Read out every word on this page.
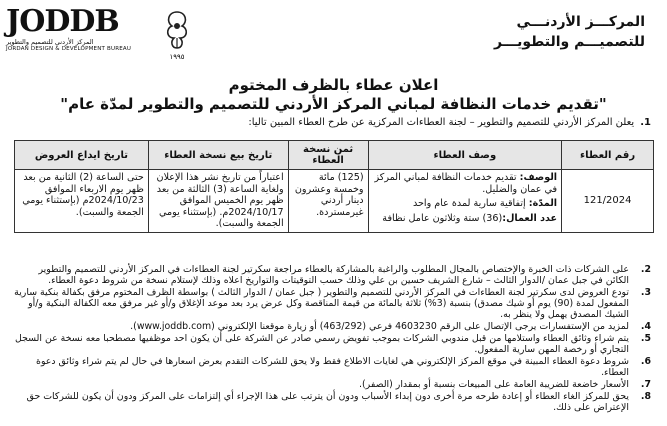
JODDB
المركز الأردني للتصميم والتطوير
JORDAN DESIGN & DEVELOPMENT BUREAU
١٩٩٥
المركـــز الأردنـــي
للتصميـــم والتطويـــر
اعلان عطاء بالظرف المختوم
"تقديم خدمات النظافة لمباني المركز الأردني للتصميم والتطوير لمدّة عام"
1.يعلن المركز الأردني للتصميم والتطوير – لجنة العطاءات المركزية عن طرح العطاء المبين تاليا:
رقم العطاء	وصف العطاء	ثمن نسخة العطاء	تاريخ بيع نسخة العطاء	تاريخ ايداع العروض
121/2024	الوصف: تقديم خدمات النظافة لمباني المركز في عمان والضليل.

المدّة: إتفاقية سارية لمدة عام واحد

عدد العمال:(36) ستة وثلاثون عامل نظافة	(125) مائة وخمسة وعشرون دينار أردني غيرمستردة.	اعتباراً من تاريخ نشر هذا الإعلان ولغاية الساعة (3) الثالثة من بعد ظهر يوم الخميس الموافق 2024/10/17م. (بإستثناء يومي الجمعة والسبت).	حتى الساعة (2) الثانية من بعد ظهر يوم الاربعاء الموافق 2024/10/23م (بإستثناء يومي الجمعة والسبت).
2.
على الشركات ذات الخبرة والإختصاص بالمجال المطلوب والراغبة بالمشاركة بالعطاء مراجعة سكرتير لجنة العطاءات في المركز الأردني للتصميم والتطوير الكائن في جبل عمان /الدوار الثالث – شارع الشريف حسين بن علي وذلك حسب التوقيتات والتواريخ اعلاه وذلك لإستلام نسخة من شروط دعوة العطاء.
3.
تودع العروض لدى سكرتير لجنة العطاءات في المركز الأردني للتصميم والتطوير ( جبل عمان / الدوار الثالث ) بواسطة الظرف المختوم مرفق بكفالة بنكية سارية المفعول لمدة (90) يوم أو شيك مصدق) بنسبة (3%) ثلاثة بالمائة من قيمة المناقصة وكل عرض يرد بعد موعد الإغلاق و/أو غير مرفق معه الكفالة البنكية و/أو الشيك المصدق يهمل ولا ينظر به.
4.
لمزيد من الإستفسارات يرجى الإتصال على الرقم 4603230 فرعي (463/292) أو زيارة موقعنا الإلكتروني (www.joddb.com).
5.
يتم شراء وثائق العطاء واستلامها من قبل مندوبي الشركات بموجب تفويض رسمي صادر عن الشركة على أن يكون احد موظفيها مصطحبا معه نسخة عن السجل التجاري أو رخصة المهن سارية المفعول.
6.
شروط دعوة العطاء المبينة في موقع المركز الإلكتروني هي لغايات الاطلاع فقط ولا يحق للشركات التقدم بعرض اسعارها في حال لم يتم شراء وثائق دعوة العطاء.
7.
الأسعار خاضعة للضريبة العامة على المبيعات بنسبة أو بمقدار (الصفر).
8.
يحق للمركز الغاء العطاء أو إعادة طرحه مرة أخرى دون إبداء الأسباب ودون أن يترتب على هذا الإجراء أي إلتزامات على المركز ودون أن يكون للشركات حق الإعتراض على ذلك.
